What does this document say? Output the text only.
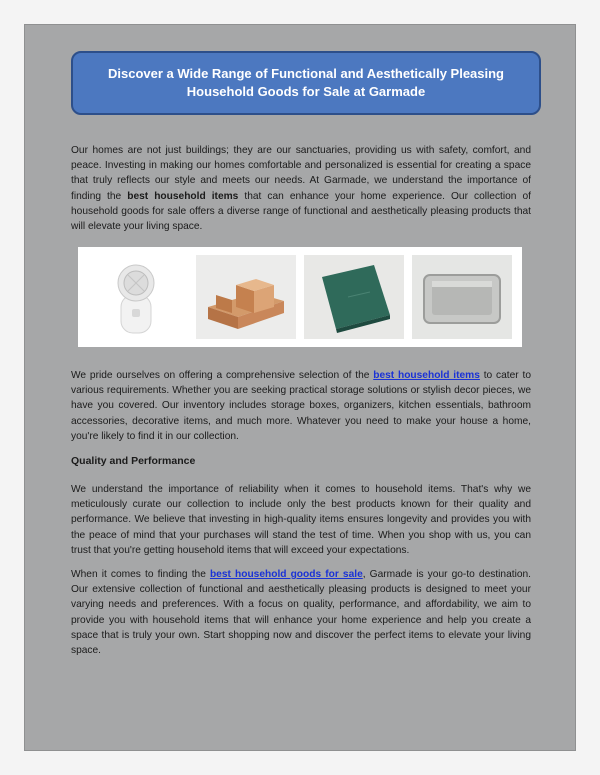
Discover a Wide Range of Functional and Aesthetically Pleasing Household Goods for Sale at Garmade

Our homes are not just buildings; they are our sanctuaries, providing us with safety, comfort, and peace. Investing in making our homes comfortable and personalized is essential for creating a space that truly reflects our style and meets our needs. At Garmade, we understand the importance of finding the best household items that can enhance your home experience. Our collection of household goods for sale offers a diverse range of functional and aesthetically pleasing products that will elevate your living space.

We pride ourselves on offering a comprehensive selection of the best household items to cater to various requirements. Whether you are seeking practical storage solutions or stylish decor pieces, we have you covered. Our inventory includes storage boxes, organizers, kitchen essentials, bathroom accessories, decorative items, and much more. Whatever you need to make your house a home, you're likely to find it in our collection.

Quality and Performance

We understand the importance of reliability when it comes to household items. That's why we meticulously curate our collection to include only the best products known for their quality and performance. We believe that investing in high-quality items ensures longevity and provides you with the peace of mind that your purchases will stand the test of time. When you shop with us, you can trust that you're getting household items that will exceed your expectations.

When it comes to finding the best household goods for sale, Garmade is your go-to destination. Our extensive collection of functional and aesthetically pleasing products is designed to meet your varying needs and preferences. With a focus on quality, performance, and affordability, we aim to provide you with household items that will enhance your home experience and help you create a space that is truly your own. Start shopping now and discover the perfect items to elevate your living space.
